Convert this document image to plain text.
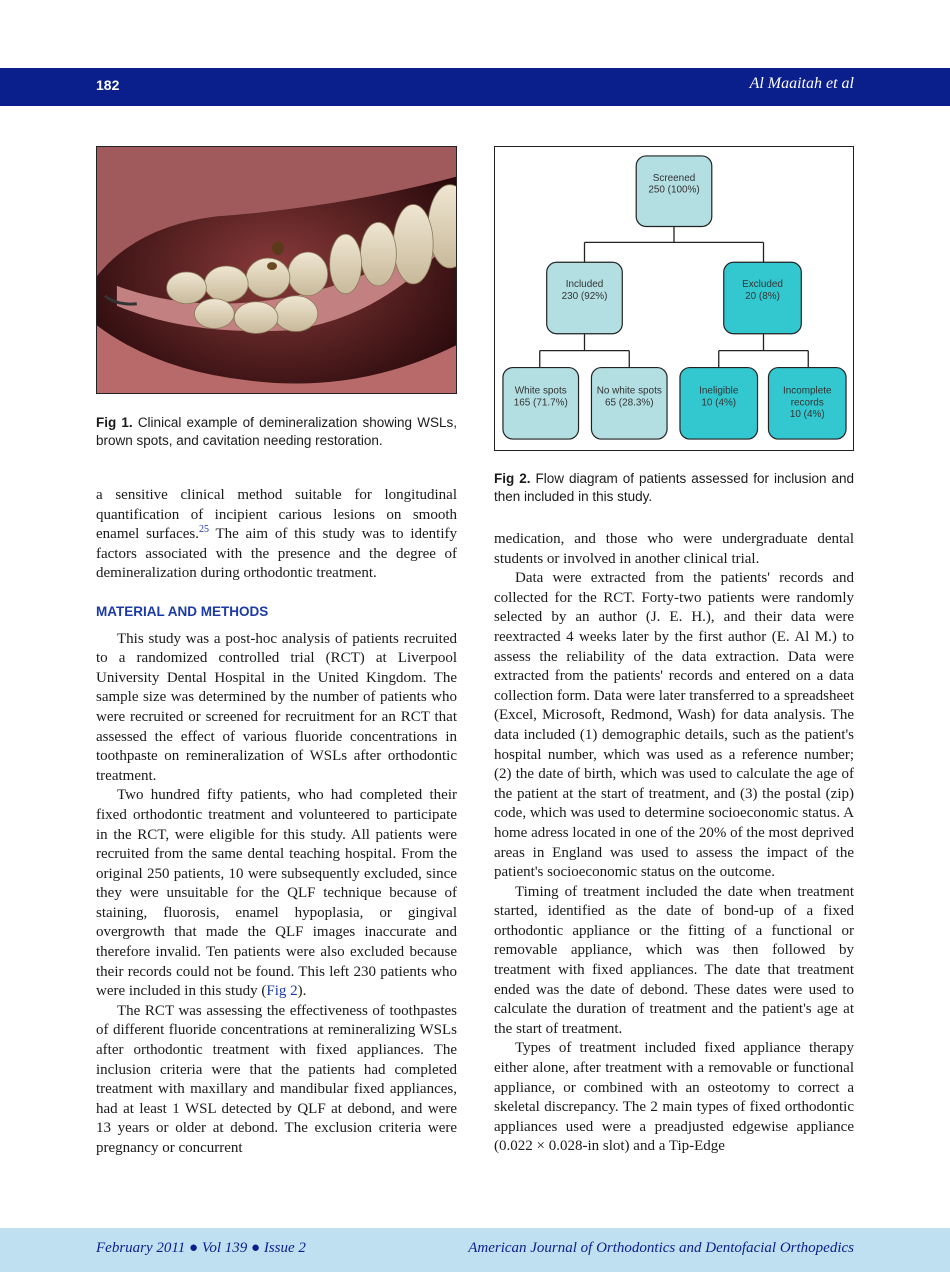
182	Al Maaitah et al
Fig 1. Clinical example of demineralization showing WSLs, brown spots, and cavitation needing restoration.
Screened
250 (100%)
Included
230 (92%)
Excluded
20 (8%)
White spots
165 (71.7%)
No white spots
65 (28.3%)
Ineligible
10 (4%)
Incomplete
records
10 (4%)
Fig 2. Flow diagram of patients assessed for inclusion and then included in this study.

a sensitive clinical method suitable for longitudinal quantification of incipient carious lesions on smooth enamel surfaces.$^{25}$ The aim of this study was to identify factors associated with the presence and the degree of demineralization during orthodontic treatment.

MATERIAL AND METHODS

This study was a post-hoc analysis of patients recruited to a randomized controlled trial (RCT) at Liverpool University Dental Hospital in the United Kingdom. The sample size was determined by the number of patients who were recruited or screened for recruitment for an RCT that assessed the effect of various fluoride concentrations in toothpaste on remineralization of WSLs after orthodontic treatment.

Two hundred fifty patients, who had completed their fixed orthodontic treatment and volunteered to participate in the RCT, were eligible for this study. All patients were recruited from the same dental teaching hospital. From the original 250 patients, 10 were subsequently excluded, since they were unsuitable for the QLF technique because of staining, fluorosis, enamel hypoplasia, or gingival overgrowth that made the QLF images inaccurate and therefore invalid. Ten patients were also excluded because their records could not be found. This left 230 patients who were included in this study (Fig 2).

The RCT was assessing the effectiveness of toothpastes of different fluoride concentrations at remineralizing WSLs after orthodontic treatment with fixed appliances. The inclusion criteria were that the patients had completed treatment with maxillary and mandibular fixed appliances, had at least 1 WSL detected by QLF at debond, and were 13 years or older at debond. The exclusion criteria were pregnancy or concurrent

medication, and those who were undergraduate dental students or involved in another clinical trial.

Data were extracted from the patients' records and collected for the RCT. Forty-two patients were randomly selected by an author (J. E. H.), and their data were reextracted 4 weeks later by the first author (E. Al M.) to assess the reliability of the data extraction. Data were extracted from the patients' records and entered on a data collection form. Data were later transferred to a spreadsheet (Excel, Microsoft, Redmond, Wash) for data analysis. The data included (1) demographic details, such as the patient's hospital number, which was used as a reference number; (2) the date of birth, which was used to calculate the age of the patient at the start of treatment, and (3) the postal (zip) code, which was used to determine socioeconomic status. A home adress located in one of the 20% of the most deprived areas in England was used to assess the impact of the patient's socioeconomic status on the outcome.

Timing of treatment included the date when treatment started, identified as the date of bond-up of a fixed orthodontic appliance or the fitting of a functional or removable appliance, which was then followed by treatment with fixed appliances. The date that treatment ended was the date of debond. These dates were used to calculate the duration of treatment and the patient's age at the start of treatment.

Types of treatment included fixed appliance therapy either alone, after treatment with a removable or functional appliance, or combined with an osteotomy to correct a skeletal discrepancy. The 2 main types of fixed orthodontic appliances used were a preadjusted edgewise appliance (0.022 × 0.028-in slot) and a Tip-Edge

February 2011 ● Vol 139 ● Issue 2	American Journal of Orthodontics and Dentofacial Orthopedics
